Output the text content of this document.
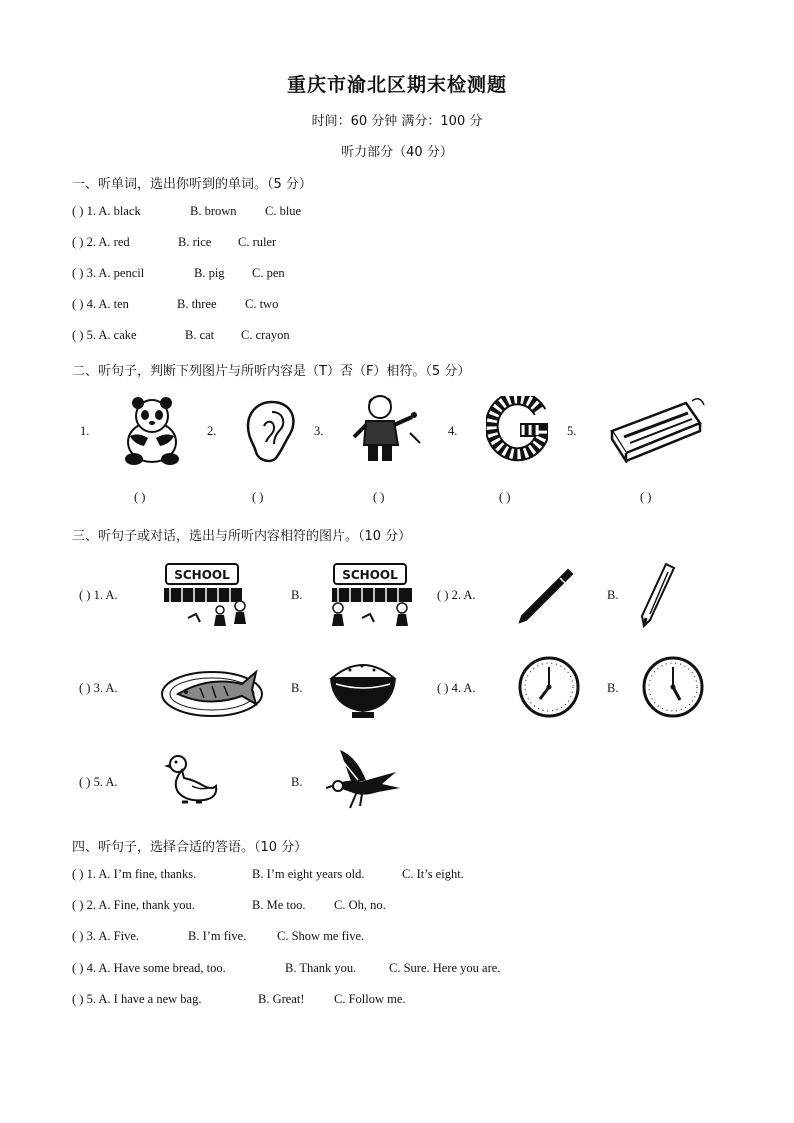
重庆市渝北区期末检测题
时间：60 分钟 满分：100 分
听力部分（40 分）
一、听单词，选出你听到的单词。（5 分）
( ) 1. A. black	B. brown C. blue
( ) 2. A. red	B. rice C. ruler
( ) 3. A. pencil	B. pig C. pen
( ) 4. A. ten	B. three C. two
( ) 5. A. cake	B. cat C. crayon
二、听句子，判断下列图片与所听内容是（T）否（F）相符。（5 分）
1.	2.	3.	4.	5.
( )	( )	( )	( )	( )
三、听句子或对话，选出与所听内容相符的图片。（10 分）
( ) 1. A.
SCHOOL
B.
SCHOOL
( ) 2. A.	B.
( ) 3. A.	B.	( ) 4. A.	B.
( ) 5. A.	B.
四、听句子，选择合适的答语。（10 分）
( ) 1. A. I’m fine, thanks.	B. I’m eight years old.	C. It’s eight.
( ) 2. A. Fine, thank you.	B. Me too. C. Oh, no.
( ) 3. A. Five.	B. I’m five. C. Show me five.
( ) 4. A. Have some bread, too.	B. Thank you.	C. Sure. Here you are.
( ) 5. A. I have a new bag.	B. Great! C. Follow me.
